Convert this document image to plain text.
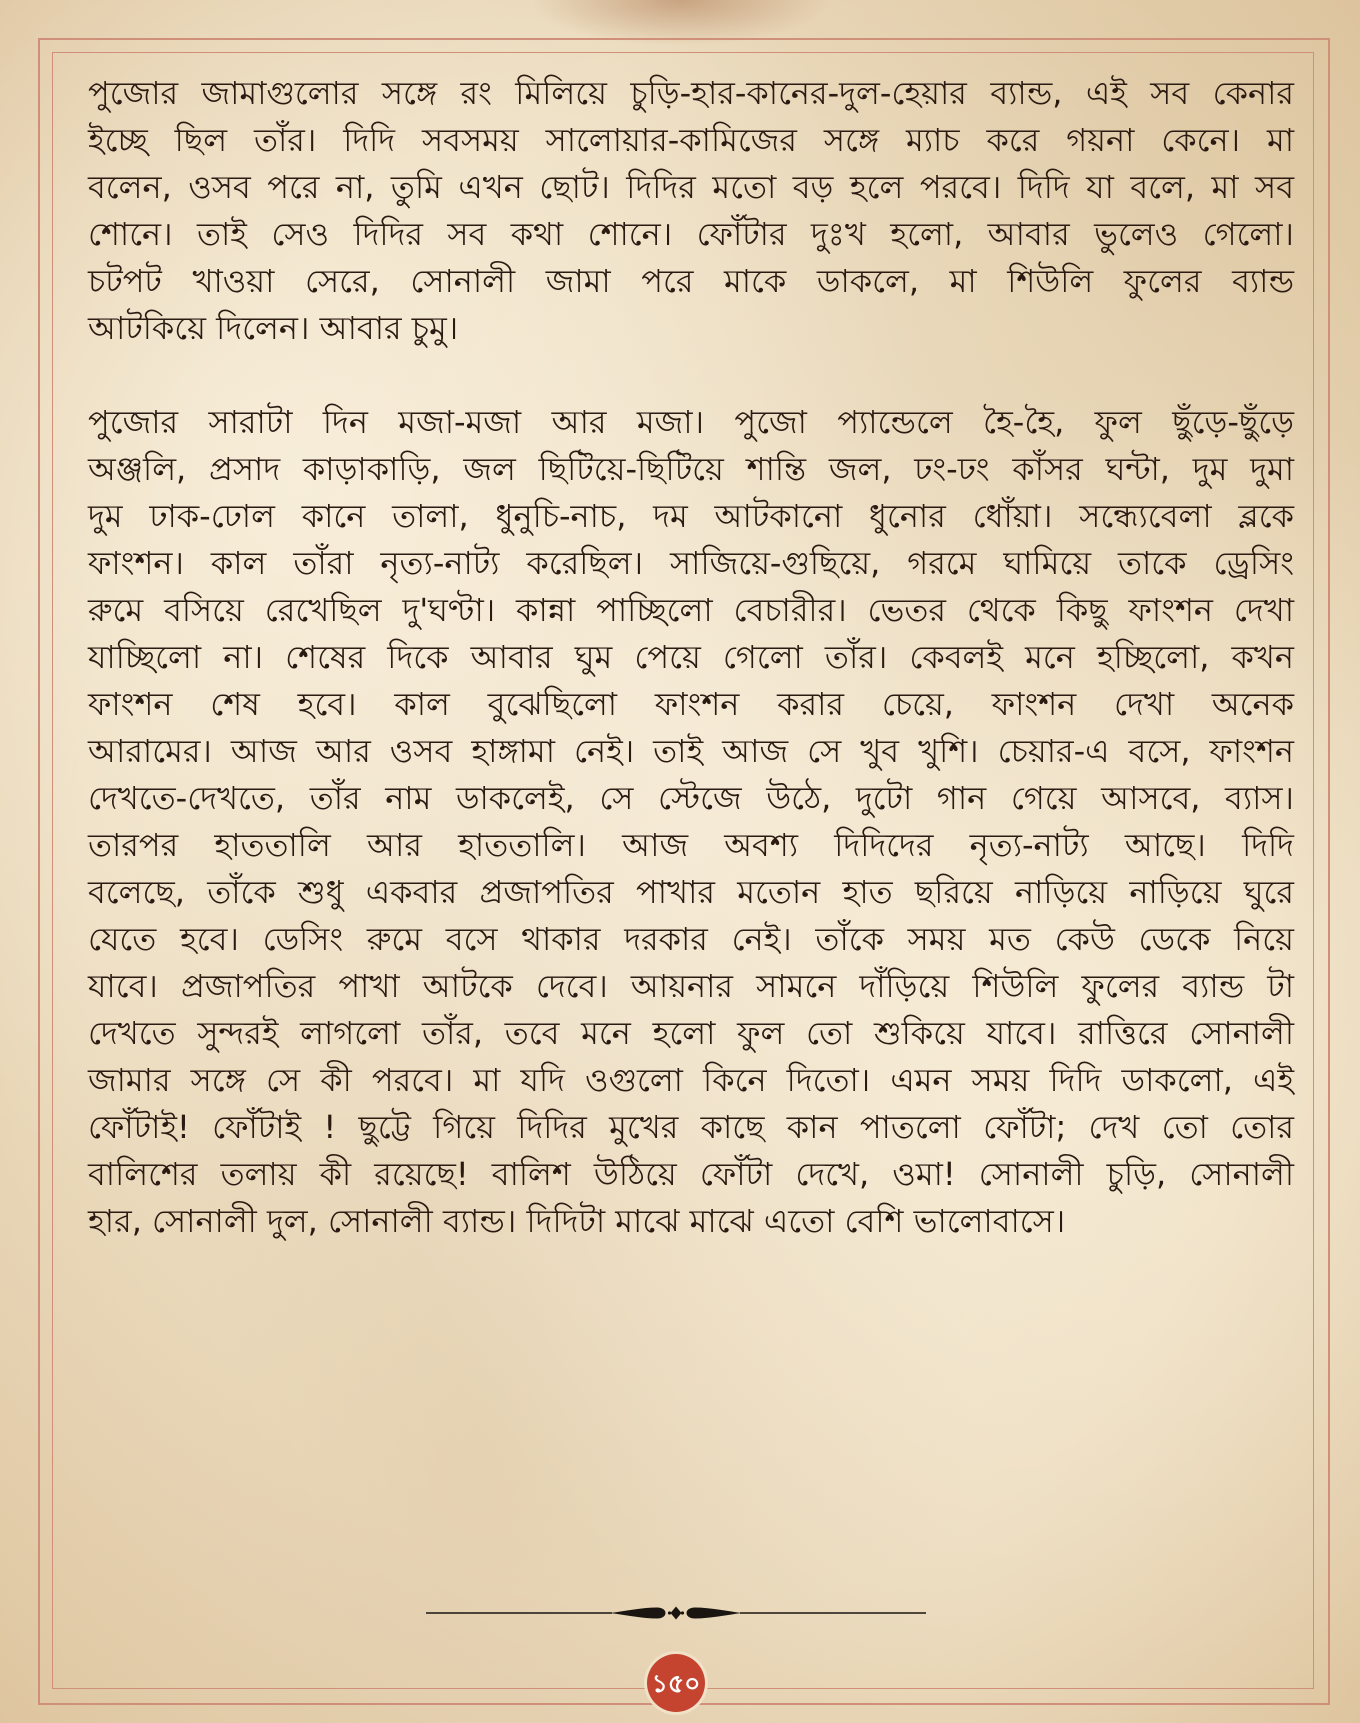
পুজোর জামাগুলোর সঙ্গে রং মিলিয়ে চুড়ি-হার-কানের-দুল-হেয়ার ব্যান্ড, এই সব কেনার
ইচ্ছে ছিল তাঁর। দিদি সবসময় সালোয়ার-কামিজের সঙ্গে ম্যাচ করে গয়না কেনে। মা
বলেন, ওসব পরে না, তুমি এখন ছোট। দিদির মতো বড় হলে পরবে। দিদি যা বলে, মা সব
শোনে। তাই সেও দিদির সব কথা শোনে। ফোঁটার দুঃখ হলো, আবার ভুলেও গেলো।
চটপট খাওয়া সেরে, সোনালী জামা পরে মাকে ডাকলে, মা শিউলি ফুলের ব্যান্ড
আটকিয়ে দিলেন। আবার চুমু।
পুজোর সারাটা দিন মজা-মজা আর মজা। পুজো প্যান্ডেলে হৈ-হৈ, ফুল ছুঁড়ে-ছুঁড়ে
অঞ্জলি, প্রসাদ কাড়াকাড়ি, জল ছিটিয়ে-ছিটিয়ে শান্তি জল, ঢং-ঢং কাঁসর ঘন্টা, দুম দুমা
দুম ঢাক-ঢোল কানে তালা, ধুনুচি-নাচ, দম আটকানো ধুনোর ধোঁয়া। সন্ধ্যেবেলা ব্লকে
ফাংশন। কাল তাঁরা নৃত্য-নাট্য করেছিল। সাজিয়ে-গুছিয়ে, গরমে ঘামিয়ে তাকে ড্রেসিং
রুমে বসিয়ে রেখেছিল দু'ঘণ্টা। কান্না পাচ্ছিলো বেচারীর। ভেতর থেকে কিছু ফাংশন দেখা
যাচ্ছিলো না। শেষের দিকে আবার ঘুম পেয়ে গেলো তাঁর। কেবলই মনে হচ্ছিলো, কখন
ফাংশন শেষ হবে। কাল বুঝেছিলো ফাংশন করার চেয়ে, ফাংশন দেখা অনেক
আরামের। আজ আর ওসব হাঙ্গামা নেই। তাই আজ সে খুব খুশি। চেয়ার-এ বসে, ফাংশন
দেখতে-দেখতে, তাঁর নাম ডাকলেই, সে স্টেজে উঠে, দুটো গান গেয়ে আসবে, ব্যাস।
তারপর হাততালি আর হাততালি। আজ অবশ্য দিদিদের নৃত্য-নাট্য আছে। দিদি
বলেছে, তাঁকে শুধু একবার প্রজাপতির পাখার মতোন হাত ছরিয়ে নাড়িয়ে নাড়িয়ে ঘুরে
যেতে হবে। ডেসিং রুমে বসে থাকার দরকার নেই। তাঁকে সময় মত কেউ ডেকে নিয়ে
যাবে। প্রজাপতির পাখা আটকে দেবে। আয়নার সামনে দাঁড়িয়ে শিউলি ফুলের ব্যান্ড টা
দেখতে সুন্দরই লাগলো তাঁর, তবে মনে হলো ফুল তো শুকিয়ে যাবে। রাত্তিরে সোনালী
জামার সঙ্গে সে কী পরবে। মা যদি ওগুলো কিনে দিতো। এমন সময় দিদি ডাকলো, এই
ফোঁটাই! ফোঁটাই ! ছুট্টে গিয়ে দিদির মুখের কাছে কান পাতলো ফোঁটা; দেখ তো তোর
বালিশের তলায় কী রয়েছে! বালিশ উঠিয়ে ফোঁটা দেখে, ওমা! সোনালী চুড়ি, সোনালী
হার, সোনালী দুল, সোনালী ব্যান্ড। দিদিটা মাঝে মাঝে এতো বেশি ভালোবাসে।
১৫০
